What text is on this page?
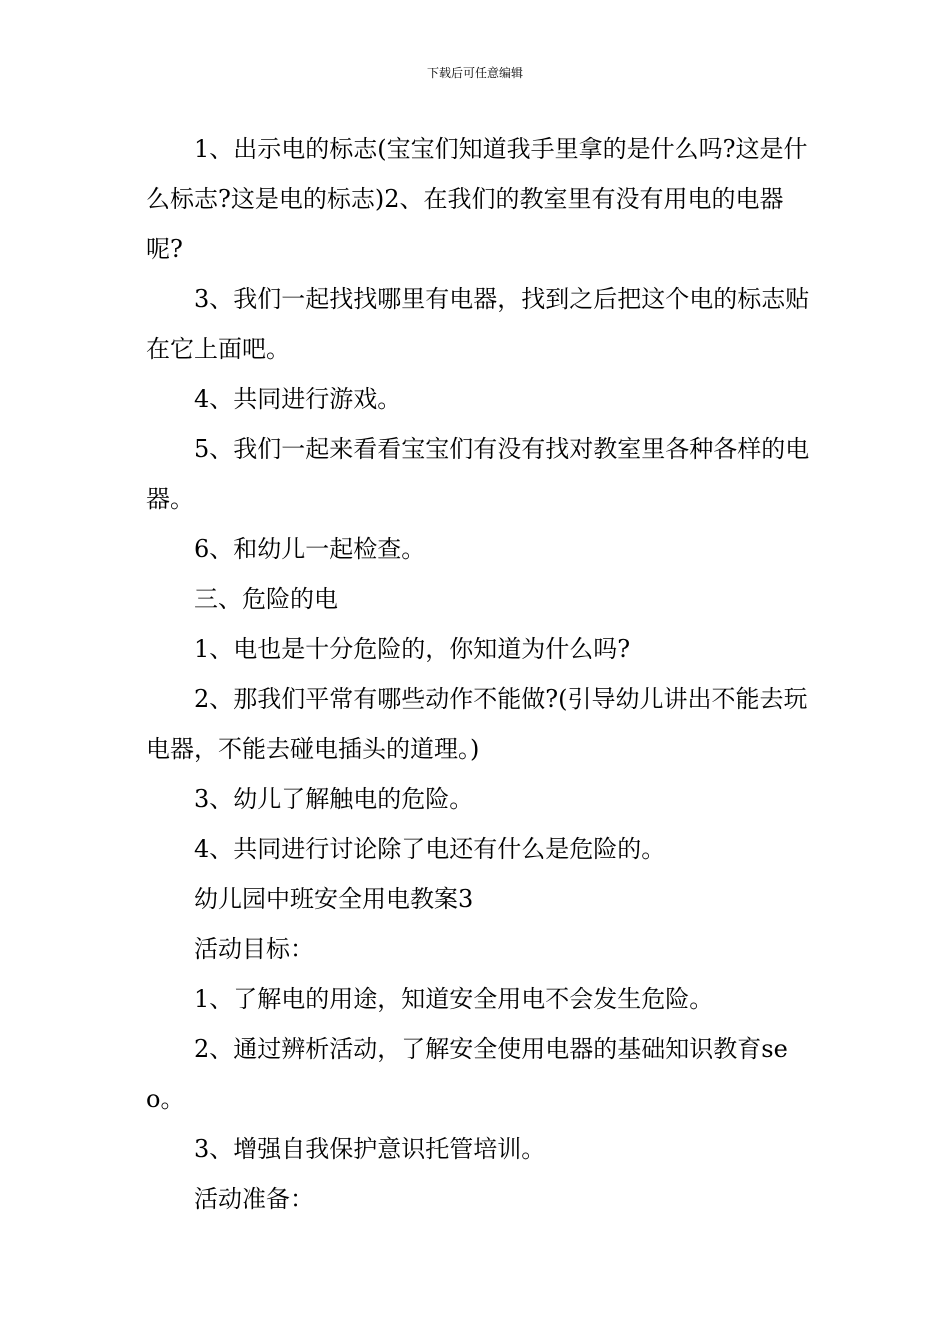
下载后可任意编辑

1、出示电的标志(宝宝们知道我手里拿的是什么吗?这是什么标志?这是电的标志)2、在我们的教室里有没有用电的电器呢?

3、我们一起找找哪里有电器，找到之后把这个电的标志贴在它上面吧。

4、共同进行游戏。

5、我们一起来看看宝宝们有没有找对教室里各种各样的电器。

6、和幼儿一起检查。

三、危险的电

1、电也是十分危险的，你知道为什么吗?

2、那我们平常有哪些动作不能做?(引导幼儿讲出不能去玩电器，不能去碰电插头的道理。)

3、幼儿了解触电的危险。

4、共同进行讨论除了电还有什么是危险的。

幼儿园中班安全用电教案3

活动目标：

1、了解电的用途，知道安全用电不会发生危险。

2、通过辨析活动，了解安全使用电器的基础知识教育seo。

3、增强自我保护意识托管培训。

活动准备：
